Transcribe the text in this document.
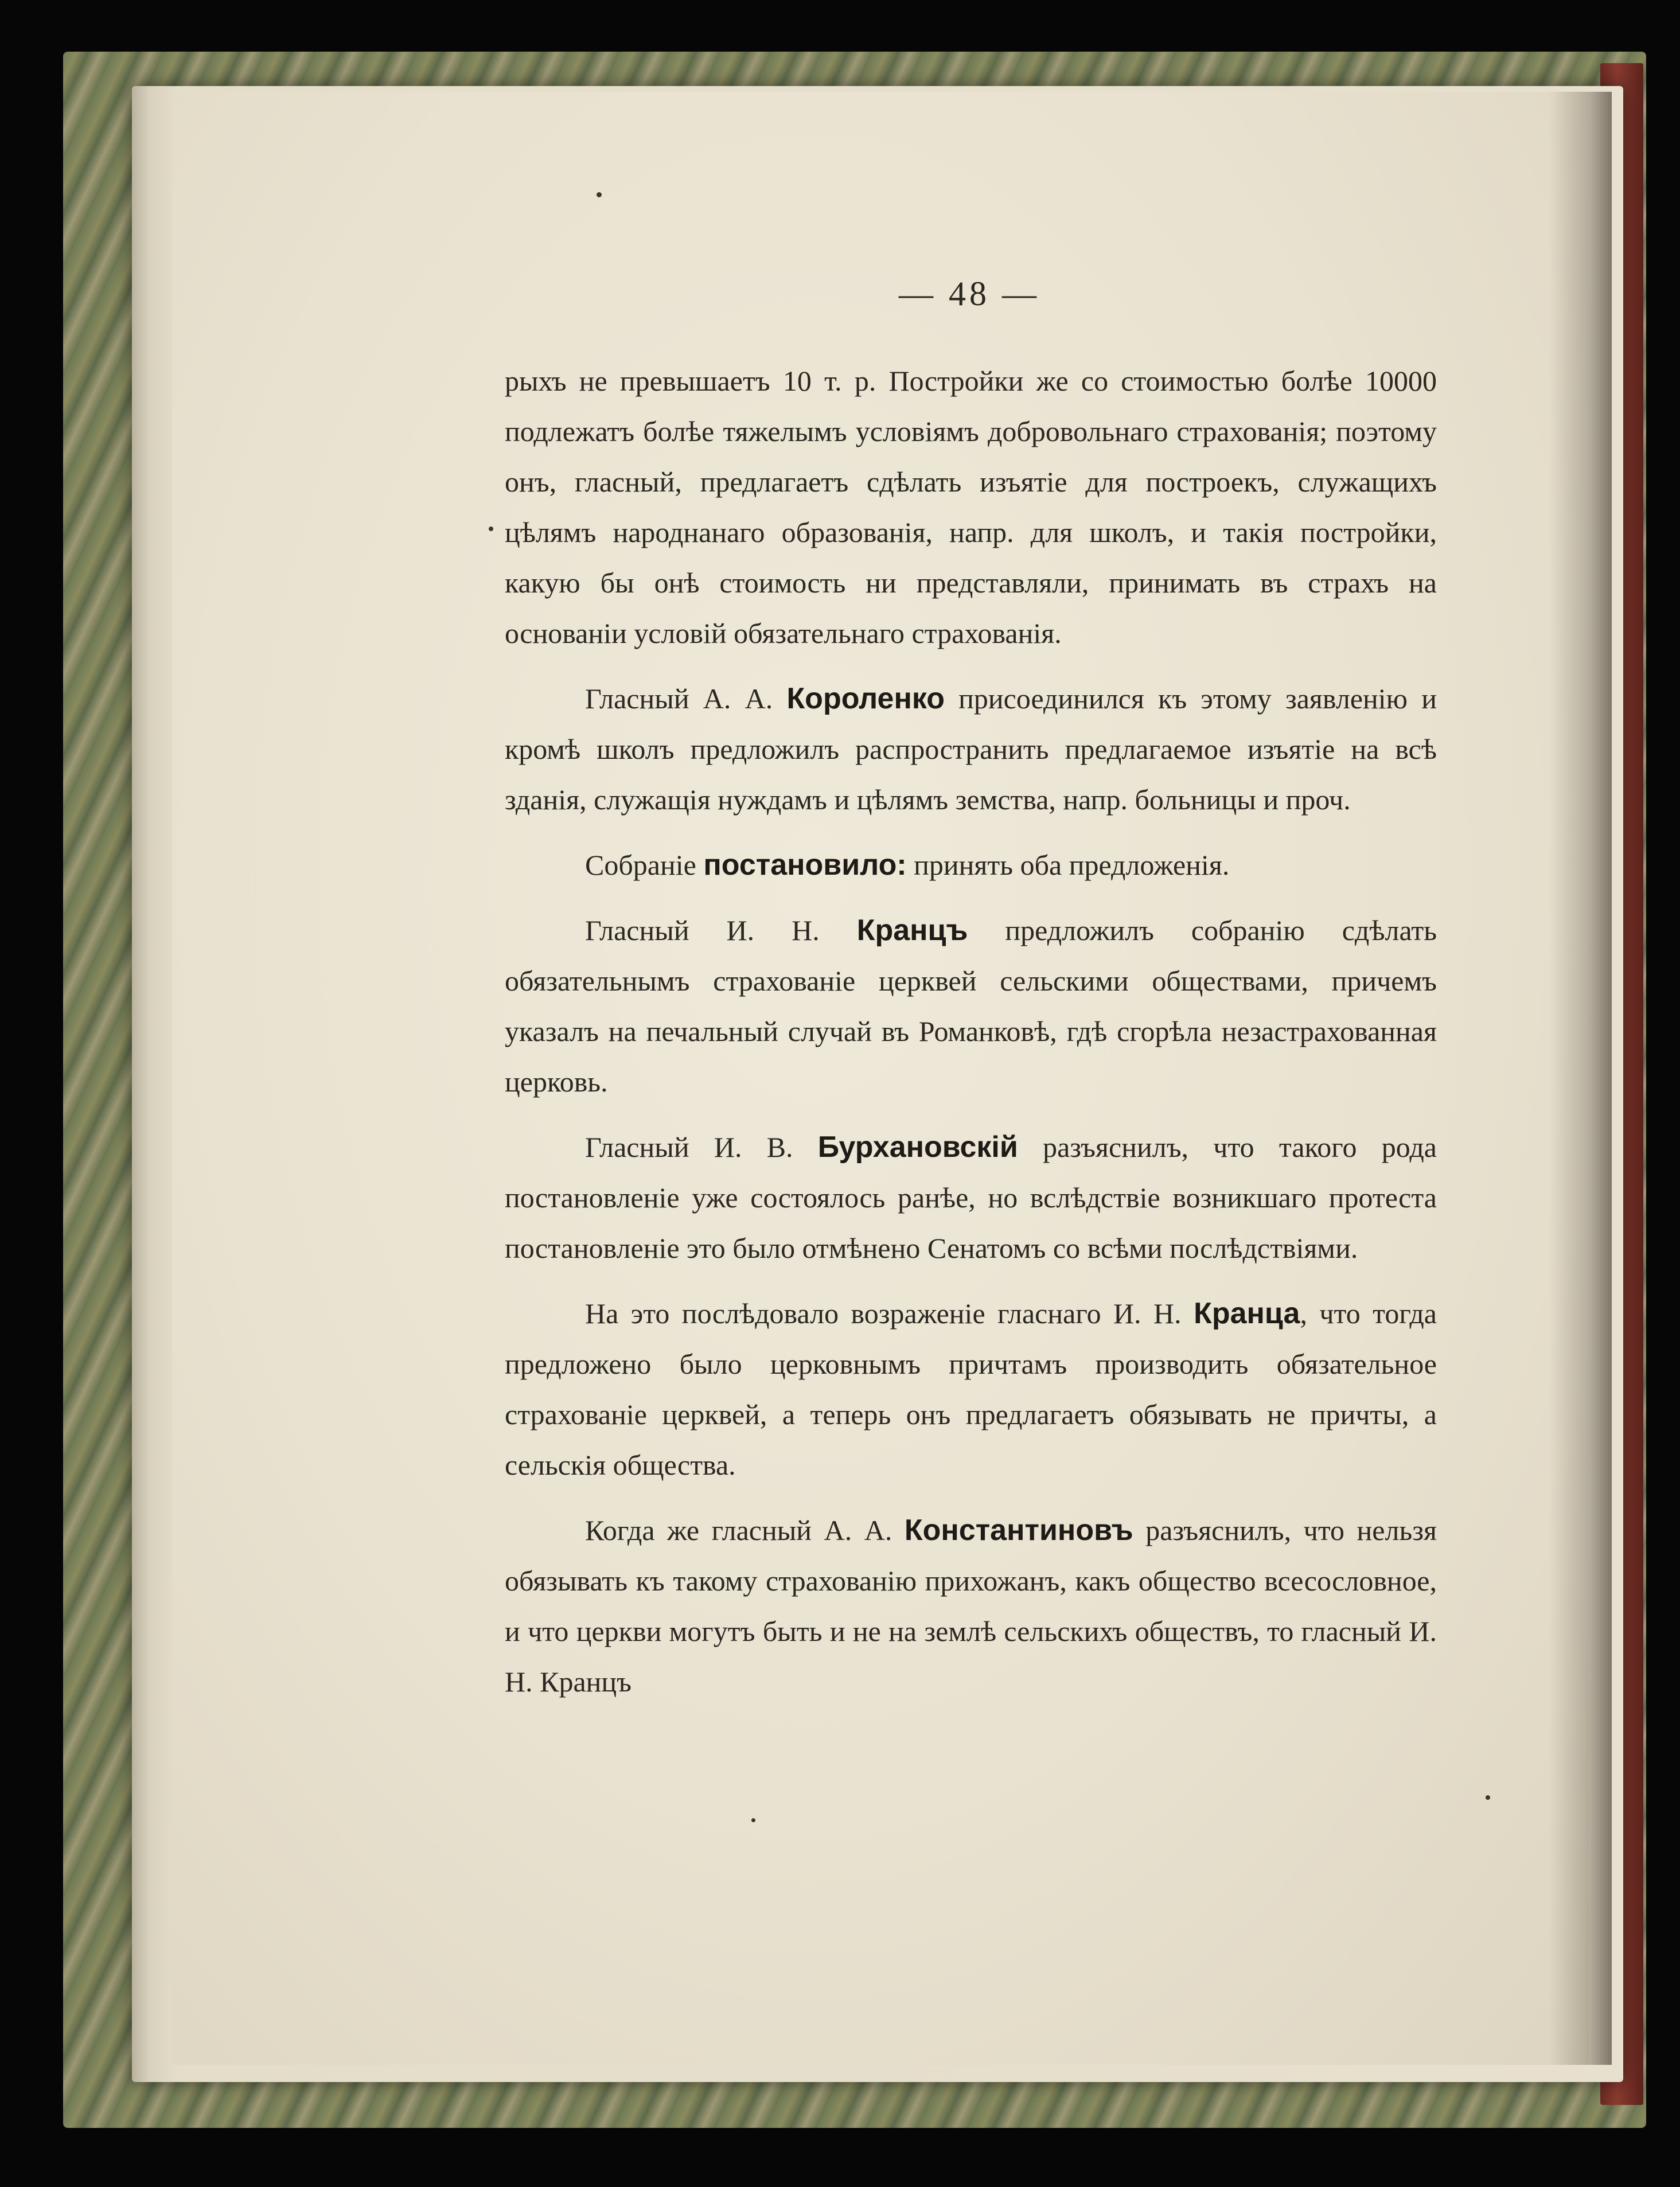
— 48 —

рыхъ не превышаетъ 10 т. р. Постройки же со стоимостью болѣе 10000 подлежатъ болѣе тяжелымъ условiямъ добровольнаго страхованiя; поэтому онъ, гласный, предлагаетъ сдѣлать изъятiе для построекъ, служащихъ цѣлямъ народнанаго образованiя, напр. для школъ, и такiя постройки, какую бы онѣ стоимость ни представляли, принимать въ страхъ на основанiи условiй обязательнаго страхованiя.

Гласный А. А. Короленко присоединился къ этому заявленiю и кромѣ школъ предложилъ распространить предлагаемое изъятiе на всѣ зданiя, служащiя нуждамъ и цѣлямъ земства, напр. больницы и проч.

Собранiе постановило: принять оба предложенiя.

Гласный И. Н. Кранцъ предложилъ собранiю сдѣлать обязательнымъ страхованiе церквей сельскими обществами, причемъ указалъ на печальный случай въ Романковѣ, гдѣ сгорѣла незастрахованная церковь.

Гласный И. В. Бурхановскiй разъяснилъ, что такого рода постановленiе уже состоялось ранѣе, но вслѣдствiе возникшаго протеста постановленiе это было отмѣнено Сенатомъ со всѣми послѣдствiями.

На это послѣдовало возраженiе гласнаго И. Н. Кранца, что тогда предложено было церковнымъ причтамъ производить обязательное страхованiе церквей, а теперь онъ предлагаетъ обязывать не причты, а сельскiя общества.

Когда же гласный А. А. Константиновъ разъяснилъ, что нельзя обязывать къ такому страхованiю прихожанъ, какъ общество всесословное, и что церкви могутъ быть и не на землѣ сельскихъ обществъ, то гласный И. Н. Кранцъ
